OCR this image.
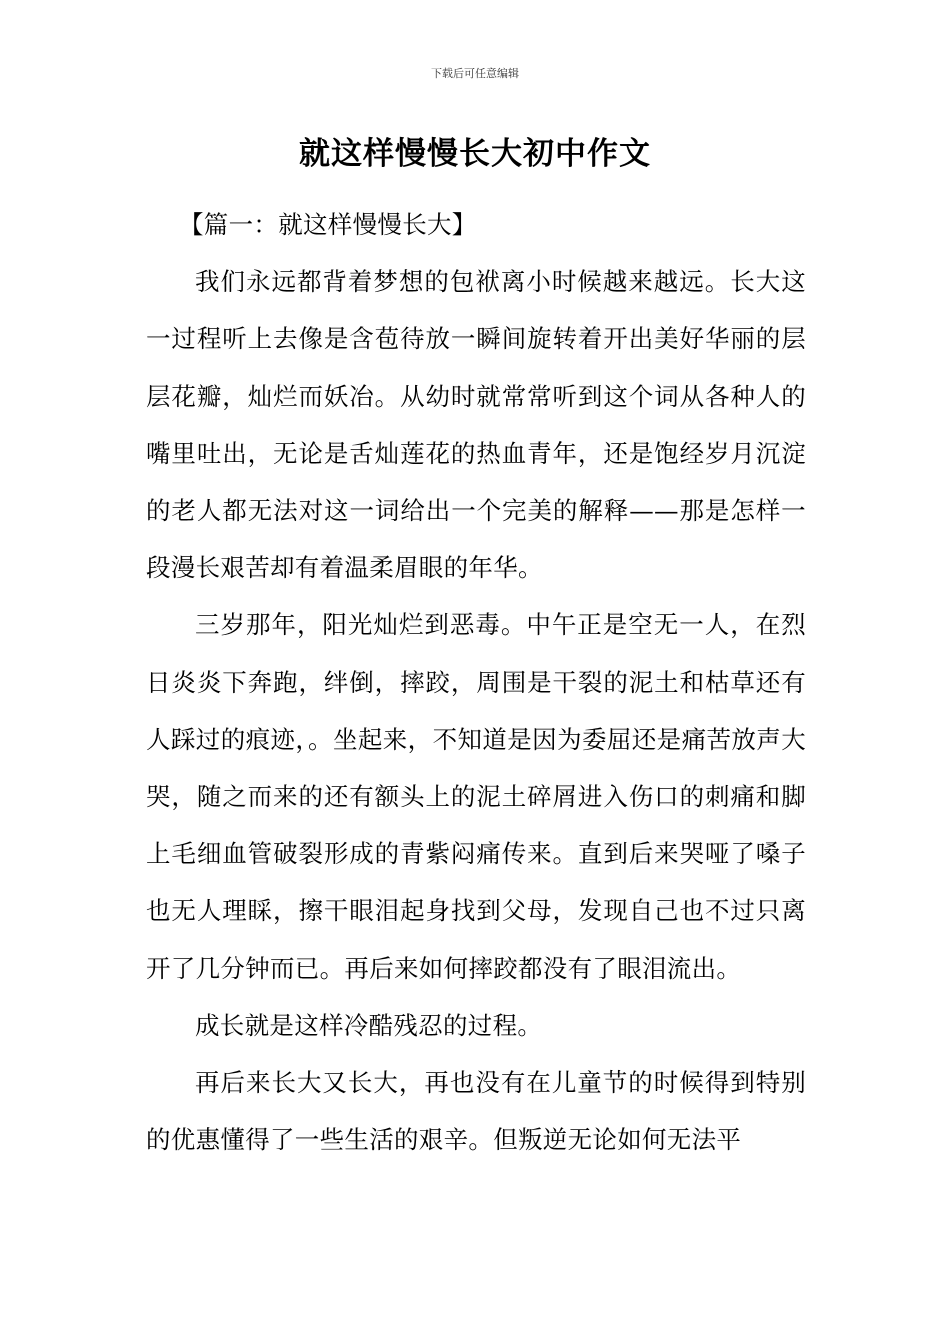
下载后可任意编辑
就这样慢慢长大初中作文

【篇一：就这样慢慢长大】

我们永远都背着梦想的包袱离小时候越来越远。长大这一过程听上去像是含苞待放一瞬间旋转着开出美好华丽的层层花瓣，灿烂而妖冶。从幼时就常常听到这个词从各种人的嘴里吐出，无论是舌灿莲花的热血青年，还是饱经岁月沉淀的老人都无法对这一词给出一个完美的解释——那是怎样一段漫长艰苦却有着温柔眉眼的年华。

三岁那年，阳光灿烂到恶毒。中午正是空无一人，在烈日炎炎下奔跑，绊倒，摔跤，周围是干裂的泥土和枯草还有人踩过的痕迹，。坐起来，不知道是因为委屈还是痛苦放声大哭，随之而来的还有额头上的泥土碎屑进入伤口的刺痛和脚上毛细血管破裂形成的青紫闷痛传来。直到后来哭哑了嗓子也无人理睬，擦干眼泪起身找到父母，发现自己也不过只离开了几分钟而已。再后来如何摔跤都没有了眼泪流出。

成长就是这样冷酷残忍的过程。

再后来长大又长大，再也没有在儿童节的时候得到特别的优惠懂得了一些生活的艰辛。但叛逆无论如何无法平
